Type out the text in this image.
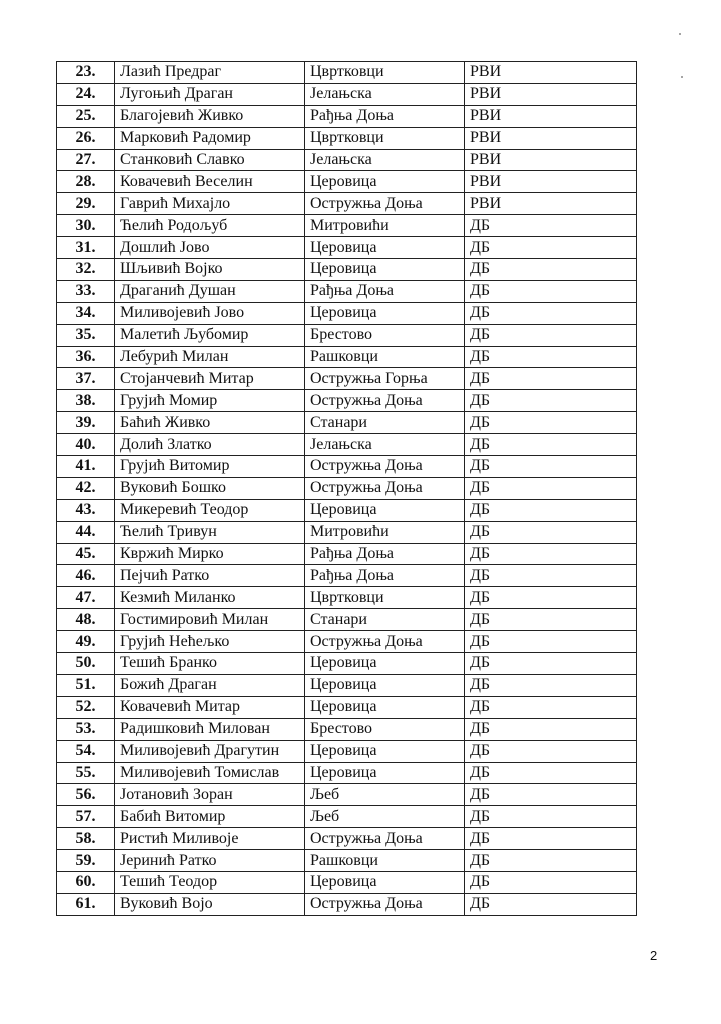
23.	Лазић Предраг	Цвртковци	РВИ
24.	Лугоњић Драган	Јелањска	РВИ
25.	Благојевић Живко	Рађња Доња	РВИ
26.	Марковић Радомир	Цвртковци	РВИ
27.	Станковић Славко	Јелањска	РВИ
28.	Ковачевић Веселин	Церовица	РВИ
29.	Гаврић Михајло	Остружња Доња	РВИ
30.	Ћелић Родољуб	Митровићи	ДБ
31.	Дошлић Јово	Церовица	ДБ
32.	Шљивић Војко	Церовица	ДБ
33.	Драганић Душан	Рађња Доња	ДБ
34.	Миливојевић Јово	Церовица	ДБ
35.	Малетић Љубомир	Брестово	ДБ
36.	Лебурић Милан	Рашковци	ДБ
37.	Стојанчевић Митар	Остружња Горња	ДБ
38.	Грујић Момир	Остружња Доња	ДБ
39.	Бaћић Живко	Станари	ДБ
40.	Долић Златко	Јелањска	ДБ
41.	Грујић Витомир	Остружња Доња	ДБ
42.	Вуковић Бошко	Остружња Доња	ДБ
43.	Микеревић Теодор	Церовица	ДБ
44.	Ћелић Тривун	Митровићи	ДБ
45.	Квржић Мирко	Рађња Доња	ДБ
46.	Пејчић Ратко	Рађња Доња	ДБ
47.	Кезмић Миланко	Цвртковци	ДБ
48.	Гостимировић Милан	Станари	ДБ
49.	Грујић Нећељко	Остружња Доња	ДБ
50.	Тешић Бранко	Церовица	ДБ
51.	Божић Драган	Церовица	ДБ
52.	Ковачевић Митар	Церовица	ДБ
53.	Радишковић Милован	Брестово	ДБ
54.	Миливојевић Драгутин	Церовица	ДБ
55.	Миливојевић Томислав	Церовица	ДБ
56.	Јотановић Зоран	Љеб	ДБ
57.	Бабић Витомир	Љеб	ДБ
58.	Ристић Миливоје	Остружња Доња	ДБ
59.	Јеринић Ратко	Рашковци	ДБ
60.	Тешић Теодор	Церовица	ДБ
61.	Вуковић Војо	Остружња Доња	ДБ
2
